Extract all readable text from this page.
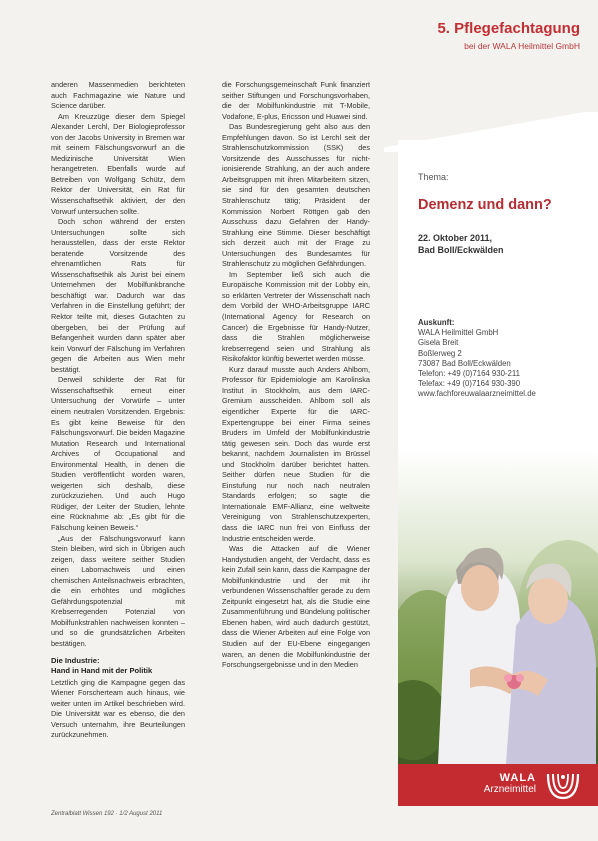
anderen Massenmedien berichteten auch Fachmagazine wie Nature und Science darüber.

Am Kreuzzüge dieser dem Spiegel Alexander Lerchl, Der Biologieprofessor von der Jacobs University in Bremen war mit seinem Fälschungsvorwurf an die Medizinische Universität Wien herangetreten. Ebenfalls wurde auf Betreiben von Wolfgang Schütz, dem Rektor der Universität, ein Rat für Wissenschaftsethik aktiviert, der den Vorwurf untersuchen sollte.

Doch schon während der ersten Untersuchungen sollte sich herausstellen, dass der erste Rektor beratende Vorsitzende des ehrenamtlichen Rats für Wissenschaftsethik als Jurist bei einem Unternehmen der Mobilfunkbranche beschäftigt war. Dadurch war das Verfahren in die Einstellung geführt; der Rektor teilte mit, dieses Gutachten zu übergeben, bei der Prüfung auf Befangenheit wurden dann später aber kein Vorwurf der Fälschung im Verfahren gegen die Arbeiten aus Wien mehr bestätigt.

Derweil schilderte der Rat für Wissenschaftsethik erneut einer Untersuchung der Vorwürfe – unter einem neutralen Vorsitzenden. Ergebnis: Es gibt keine Beweise für den Fälschungsvorwurf. Die beiden Magazine Mutation Research und International Archives of Occupational and Environmental Health, in denen die Studien veröffentlicht worden waren, weigerten sich deshalb, diese zurückzuziehen. Und auch Hugo Rüdiger, der Leiter der Studien, lehnte eine Rücknahme ab: „Es gibt für die Fälschung keinen Beweis.“

„Aus der Fälschungsvorwurf kann Stein bleiben, wird sich in Übrigen auch zeigen, dass weitere seither Studien einen Labornachweis und einen chemischen Anteilsnachweis erbrachten, die ein erhöhtes und mögliches Gefährdungspotenzial mit Krebserregenden Potenzial von Mobilfunkstrahlen nachweisen konnten – und so die grundsätzlichen Arbeiten bestätigen.

Die Industrie:
Hand in Hand mit der Politik

Letztlich ging die Kampagne gegen das Wiener Forscherteam auch hinaus, wie weiter unten im Artikel beschrieben wird. Die Universität war es ebenso, die den Versuch unternahm, ihre Beurteilungen zurückzunehmen.

die Forschungsgemeinschaft Funk finanziert seither Stiftungen und Forschungsvorhaben, die der Mobilfunkindustrie mit T-Mobile, Vodafone, E-plus, Ericsson und Huawei sind.

Das Bundesregierung geht also aus den Empfehlungen davon. So ist Lerchl seit der Strahlenschutzkommission (SSK) des Vorsitzende des Ausschusses für nicht-ionisierende Strahlung, an der auch andere Arbeitsgruppen mit ihren Mitarbeitern sitzen, sie sind für den gesamten deutschen Strahlenschutz tätig; Präsident der Kommission Norbert Röttgen gab den Ausschuss dazu Gefahren der Handy-Strahlung eine Stimme. Dieser beschäftigt sich derzeit auch mit der Frage zu Untersuchungen des Bundesamtes für Strahlenschutz zu möglichen Gefährdungen.

Im September ließ sich auch die Europäische Kommission mit der Lobby ein, so erklärten Vertreter der Wissenschaft nach dem Vorbild der WHO-Arbeitsgruppe IARC (International Agency for Research on Cancer) die Ergebnisse für Handy-Nutzer, dass die Strahlen möglicherweise krebserregend seien und Strahlung als Risikofaktor künftig bewertet werden müsse.

Kurz darauf musste auch Anders Ahlbom, Professor für Epidemiologie am Karolinska Institut in Stockholm, aus dem IARC-Gremium ausscheiden. Ahlbom soll als eigentlicher Experte für die IARC-Expertengruppe bei einer Firma seines Bruders im Umfeld der Mobilfunkindustrie tätig gewesen sein. Doch das wurde erst bekannt, nachdem Journalisten im Brüssel und Stockholm darüber berichtet hatten. Seither dürfen neue Studien für die Einstufung nur noch nach neutralen Standards erfolgen; so sagte die Internationale EMF-Allianz, eine weltweite Vereinigung von Strahlenschutzexperten, dass die IARC nun frei von Einfluss der Industrie entscheiden werde.

Was die Attacken auf die Wiener Handystudien angeht, der Verdacht, dass es kein Zufall sein kann, dass die Kampagne der Mobilfunkindustrie und der mit ihr verbundenen Wissenschaftler gerade zu dem Zeitpunkt eingesetzt hat, als die Studie eine Zusammenführung und Bündelung politischer Ebenen haben, wird auch dadurch gestützt, dass die Wiener Arbeiten auf eine Folge von Studien auf der EU-Ebene eingegangen waren, an denen die Mobilfunkindustrie der Forschungsergebnisse und in den Medien

Zentralblatt Wissen 192 · 1/2 August 2011
5. Pflegefachtagung
bei der WALA Heilmittel GmbH
Thema:
Demenz und dann?
22. Oktober 2011,
Bad Boll/Eckwälden
Auskunft:
WALA Heilmittel GmbH
Gisela Breit
Boßlerweg 2
73087 Bad Boll/Eckwälden
Telefon: +49 (0)7164 930-211
Telefax: +49 (0)7164 930-390
www.fachforeuwalaarzneimittel.de
WALA
Arzneimittel
